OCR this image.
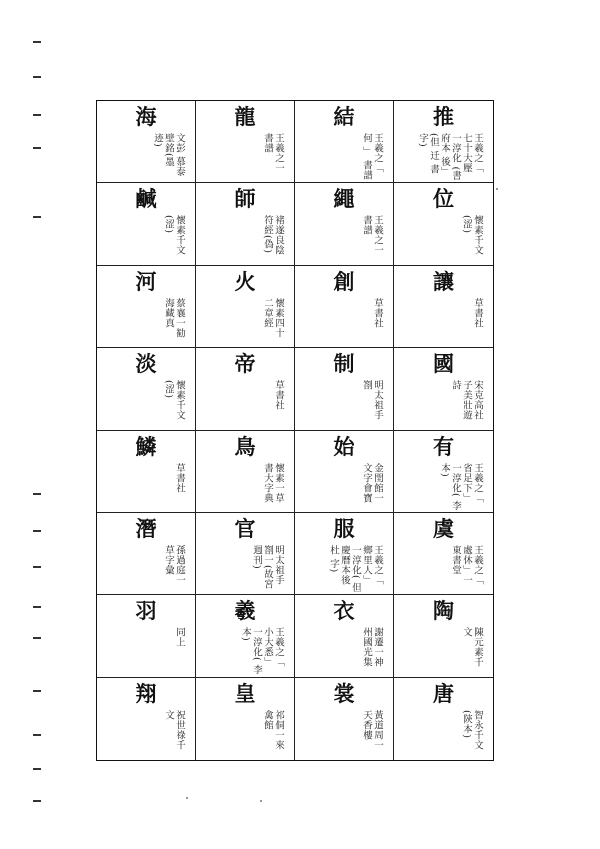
海
文彭 慕泰 壁銘(墨 迹)
龍
王羲之一 書譜
結
王羲之「 何 」 書譜
推
王羲之「 七十大壓 一淳化 (書 府本 後」 (但 迁 書 字)
鹹
懷素千文 (涩)
師
褚遂良陰 符經(偽)
繩
王羲之一 書譜
位
懷素千文 (涩)
河
蔡襄一勧 海藏真
火
懷素四十 二章經
創
草書社
讓
草書社
淡
懷素千文 (涩)
帝
草書社
制
明太祖手 劄
國
宋克高社 子美壯遊 詩
鱗
草書社
鳥
懷素一草 書大字典
始
金閏館一 文字會寶
有
王羲之「 省足下」 一淳化( 李本)
潛
孫過庭一 草字彙
官
明太祖手 劄一(故宮 週刊)
服
王羲之「 鄉里人」 一淳化( 但 慶曆本後 杜 字)
虞
王羲之「 處休」一 東書堂
羽
同上
羲
王羲之「 小大悉」 一淳化( 李本)
衣
謝遷一神 州國光集
陶
陳元素千 文
翔
祝世祿千 文
皇
祁侗一來 禽館
裳
黃道周一 天香樓
唐
智永千文 (陝本)
